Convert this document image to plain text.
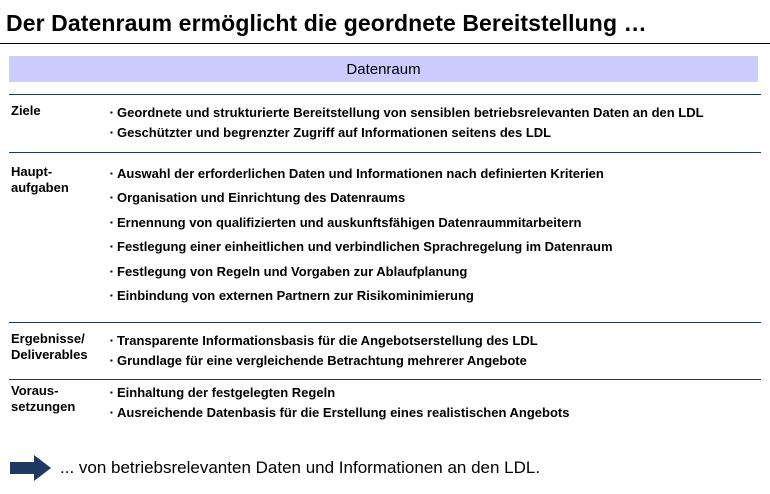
Der Datenraum ermöglicht die geordnete Bereitstellung …
Datenraum
Ziele
▪	Geordnete und strukturierte Bereitstellung von sensiblen betriebsrelevanten Daten an den LDL
▪ Geschützter und begrenzter Zugriff auf Informationen seitens des LDL
Haupt-
aufgaben
▪ Auswahl der erforderlichen Daten und Informationen nach definierten Kriterien
▪ Organisation und Einrichtung des Datenraums
▪ Ernennung von qualifizierten und auskunftsfähigen Datenraummitarbeitern
▪ Festlegung einer einheitlichen und verbindlichen Sprachregelung im Datenraum
▪ Festlegung von Regeln und Vorgaben zur Ablaufplanung
▪ Einbindung von externen Partnern zur Risikominimierung
Ergebnisse/
Deliverables
▪ Transparente Informationsbasis für die Angebotserstellung des LDL
▪ Grundlage für eine vergleichende Betrachtung mehrerer Angebote
Voraus-
setzungen
▪ Einhaltung der festgelegten Regeln
▪ Ausreichende Datenbasis für die Erstellung eines realistischen Angebots
... von betriebsrelevanten Daten und Informationen an den LDL.
